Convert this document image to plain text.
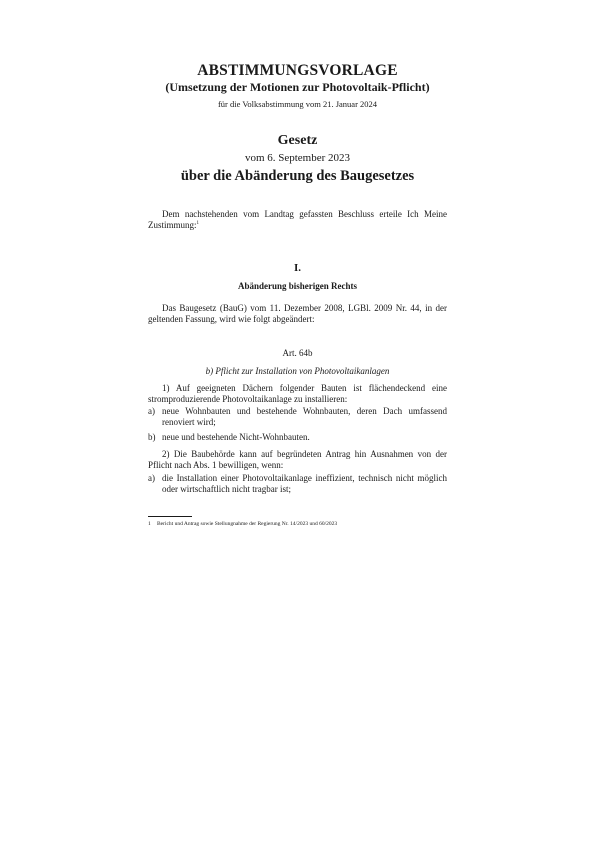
ABSTIMMUNGSVORLAGE
(Umsetzung der Motionen zur Photovoltaik-Pflicht)
für die Volksabstimmung vom 21. Januar 2024
Gesetz
vom 6. September 2023
über die Abänderung des Baugesetzes
Dem nachstehenden vom Landtag gefassten Beschluss erteile Ich Meine Zustimmung:$^1$
I.
Abänderung bisherigen Rechts
Das Baugesetz (BauG) vom 11. Dezember 2008, LGBl. 2009 Nr. 44, in der geltenden Fassung, wird wie folgt abgeändert:
Art. 64b
b) Pflicht zur Installation von Photovoltaikanlagen
1) Auf geeigneten Dächern folgender Bauten ist flächendeckend eine stromproduzierende Photovoltaikanlage zu installieren:
a) neue Wohnbauten und bestehende Wohnbauten, deren Dach umfassend renoviert wird;
b) neue und bestehende Nicht-Wohnbauten.
2) Die Baubehörde kann auf begründeten Antrag hin Ausnahmen von der Pflicht nach Abs. 1 bewilligen, wenn:
a) die Installation einer Photovoltaikanlage ineffizient, technisch nicht möglich oder wirtschaftlich nicht tragbar ist;
1 Bericht und Antrag sowie Stellungnahme der Regierung Nr. 14/2023 und 60/2023
